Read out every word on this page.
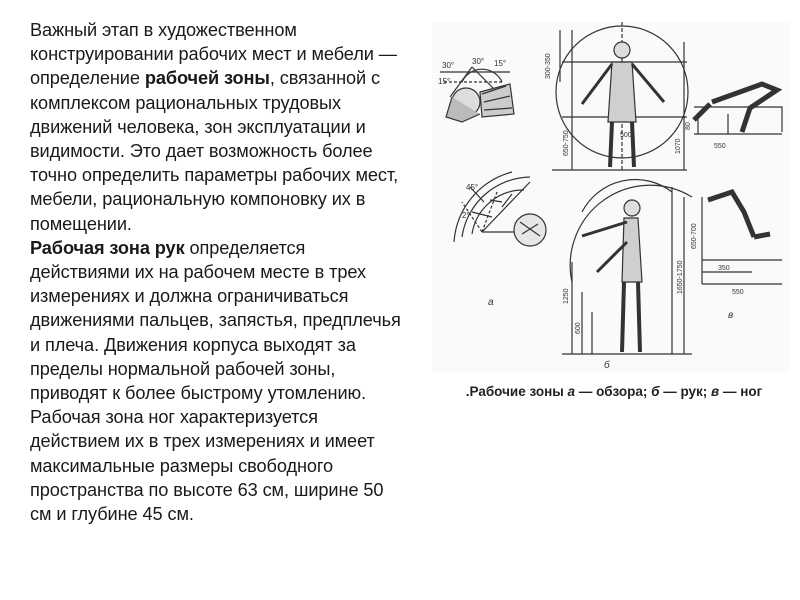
Важный этап в художественном конструировании рабочих мест и мебели — определение рабочей зоны, связанной с комплексом рациональных трудовых движений человека, зон эксплуатации и видимости. Это дает возможность более точно определить параметры рабочих мест, мебели, рациональную компоновку их в помещении.

Рабочая зона рук определяется действиями их на рабочем месте в трех измерениях и должна ограничиваться движениями пальцев, запястья, предплечья и плеча. Движения корпуса выходят за пределы нормальной рабочей зоны, приводят к более быстрому утомлению. Рабочая зона ног характеризуется действием их в трех измерениях и имеет максимальные размеры свободного пространства по высоте 63 см, ширине 50 см и глубине 45 см.

30° 30°
15°
15°
45°
2°
а
300-350
650-750	500
1070
1250
600
1650-1750
б
550
80
650-700
350
550
в
.Рабочие зоны а — обзора; б — рук; в — ног
